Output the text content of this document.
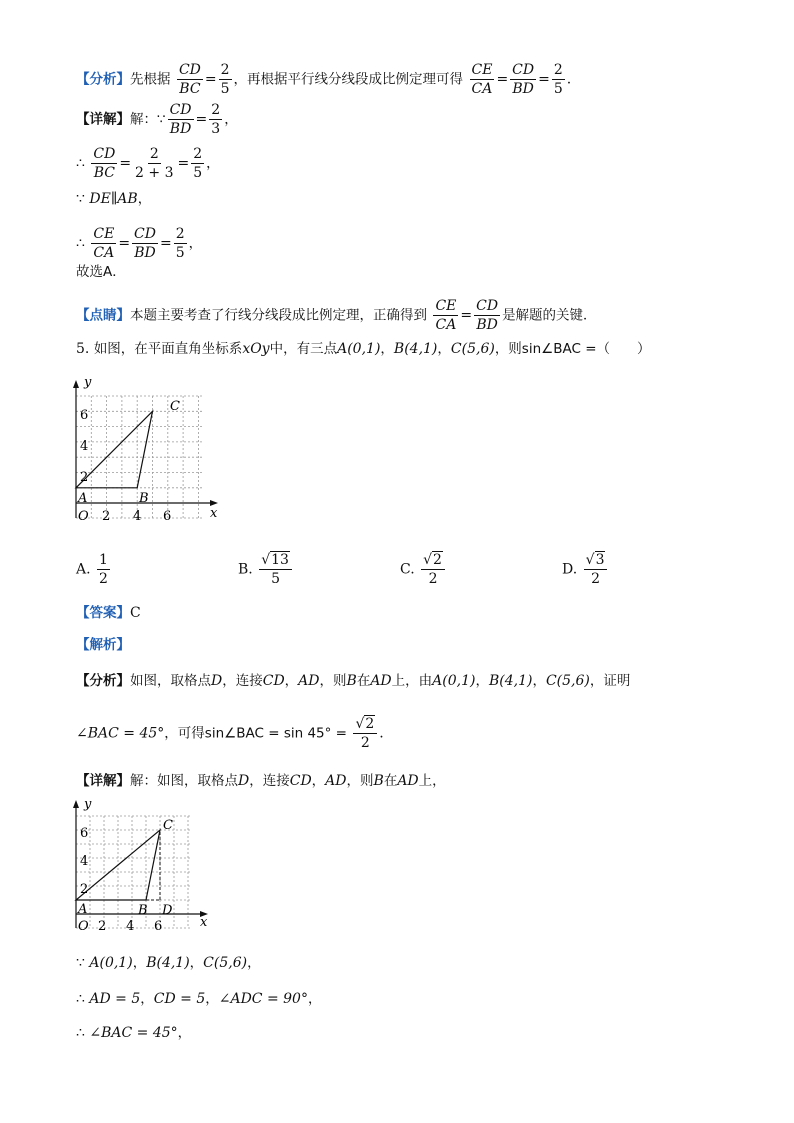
【分析】先根据 $\frac{CD}{BC} = \frac{2}{5}$ ，再根据平行线分线段成比例定理可得 $\frac{CE}{CA} = \frac{CD}{BD} = \frac{2}{5}$ .
【详解】解：∵ $\frac{CD}{BD} = \frac{2}{3}$ ，
∴ $\frac{CD}{BC} = \frac{2}{2 + 3} = \frac{2}{5}$ ，
∵ DE∥AB，
∴ $\frac{CE}{CA} = \frac{CD}{BD} = \frac{2}{5}$ ，
故选A．
【点睛】本题主要考查了行线分线段成比例定理，正确得到 $\frac{CE}{CA} = \frac{CD}{BD}$ 是解题的关键．
5. 如图，在平面直角坐标系xOy中，有三点A(0,1)，B(4,1)，C(5,6)，则sin∠BAC =（　　）
y
x
O 2 4 6
2
4
6
A	B
C
A. $\frac{1}{2}$	B. $\frac{√13}{5}$	C. $\frac{√2}{2}$	D. $\frac{√3}{2}$
【答案】C
【解析】
【分析】如图，取格点D，连接CD，AD，则B在AD上，由A(0,1)，B(4,1)，C(5,6)，证明
∠BAC = 45°，可得sin∠BAC = $\sin 45^\circ = \frac{√2}{2}$ .
【详解】解：如图，取格点D，连接CD，AD，则B在AD上，
y
x
O 2 4 6
2
4
6
A	B
C
D
∵ A(0,1)，B(4,1)，C(5,6)，
∴ AD = 5，CD = 5，∠ADC = 90°，
∴ ∠BAC = 45°，
